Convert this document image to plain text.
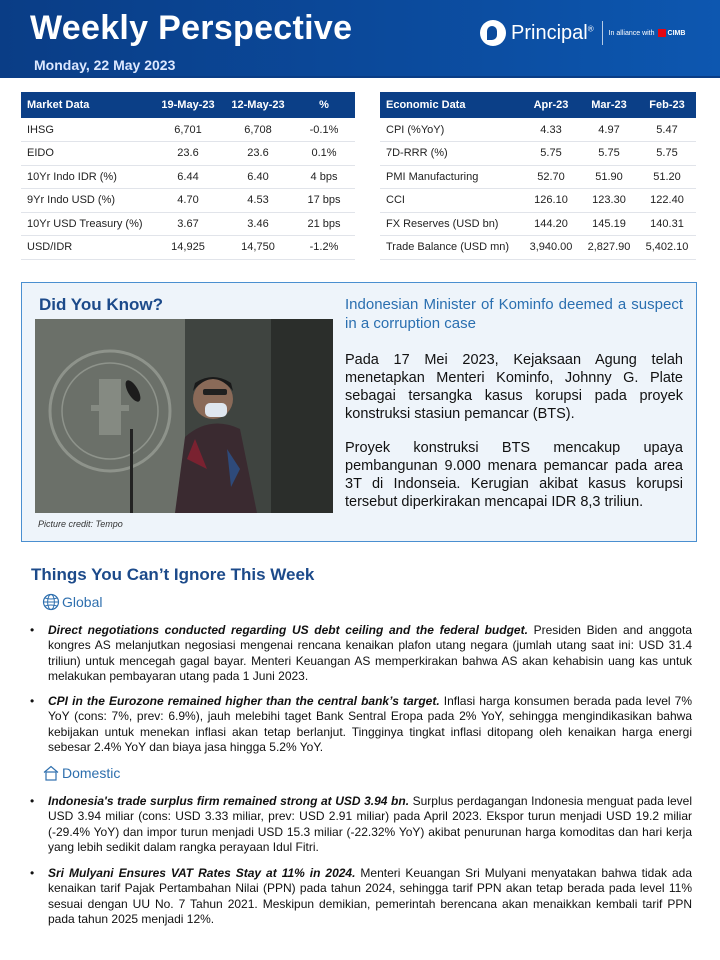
Weekly Perspective
Monday, 22 May 2023
Principal®
In alliance with CIMB
Market Data	19-May-23	12-May-23	%
IHSG	6,701	6,708	-0.1%
EIDO	23.6	23.6	0.1%
10Yr Indo IDR (%)	6.44	6.40	4 bps
9Yr Indo USD (%)	4.70	4.53	17 bps
10Yr USD Treasury (%)	3.67	3.46	21 bps
USD/IDR	14,925	14,750	-1.2%
Economic Data	Apr-23	Mar-23	Feb-23
CPI (%YoY)	4.33	4.97	5.47
7D-RRR (%)	5.75	5.75	5.75
PMI Manufacturing	52.70	51.90	51.20
CCI	126.10	123.30	122.40
FX Reserves (USD bn)	144.20	145.19	140.31
Trade Balance (USD mn)	3,940.00	2,827.90	5,402.10
Did You Know?
Picture credit: Tempo
Indonesian Minister of Kominfo deemed a suspect in a corruption case
Pada 17 Mei 2023, Kejaksaan Agung telah menetapkan Menteri Kominfo, Johnny G. Plate sebagai tersangka kasus korupsi pada proyek konstruksi stasiun pemancar (BTS).
Proyek konstruksi BTS mencakup upaya pembangunan 9.000 menara pemancar pada area 3T di Indonseia. Kerugian akibat kasus korupsi tersebut diperkirakan mencapai IDR 8,3 triliun.
Things You Can’t Ignore This Week
Global
• Direct negotiations conducted regarding US debt ceiling and the federal budget. Presiden Biden and anggota kongres AS melanjutkan negosiasi mengenai rencana kenaikan plafon utang negara (jumlah utang saat ini: USD 31.4 triliun) untuk mencegah gagal bayar. Menteri Keuangan AS memperkirakan bahwa AS akan kehabisin uang kas untuk melakukan pembayaran utang pada 1 Juni 2023.
• CPI in the Eurozone remained higher than the central bank’s target. Inflasi harga konsumen berada pada level 7% YoY (cons: 7%, prev: 6.9%), jauh melebihi taget Bank Sentral Eropa pada 2% YoY, sehingga mengindikasikan bahwa kebijakan untuk menekan inflasi akan tetap berlanjut. Tingginya tingkat inflasi ditopang oleh kenaikan harga energi sebesar 2.4% YoY dan biaya jasa hingga 5.2% YoY.
Domestic
• Indonesia's trade surplus firm remained strong at USD 3.94 bn. Surplus perdagangan Indonesia menguat pada level USD 3.94 miliar (cons: USD 3.33 miliar, prev: USD 2.91 miliar) pada April 2023. Ekspor turun menjadi USD 19.2 miliar (-29.4% YoY) dan impor turun menjadi USD 15.3 miliar (-22.32% YoY) akibat penurunan harga komoditas dan hari kerja yang lebih sedikit dalam rangka perayaan Idul Fitri.
• Sri Mulyani Ensures VAT Rates Stay at 11% in 2024. Menteri Keuangan Sri Mulyani menyatakan bahwa tidak ada kenaikan tarif Pajak Pertambahan Nilai (PPN) pada tahun 2024, sehingga tarif PPN akan tetap berada pada level 11% sesuai dengan UU No. 7 Tahun 2021. Meskipun demikian, pemerintah berencana akan menaikkan kembali tarif PPN pada tahun 2025 menjadi 12%.
